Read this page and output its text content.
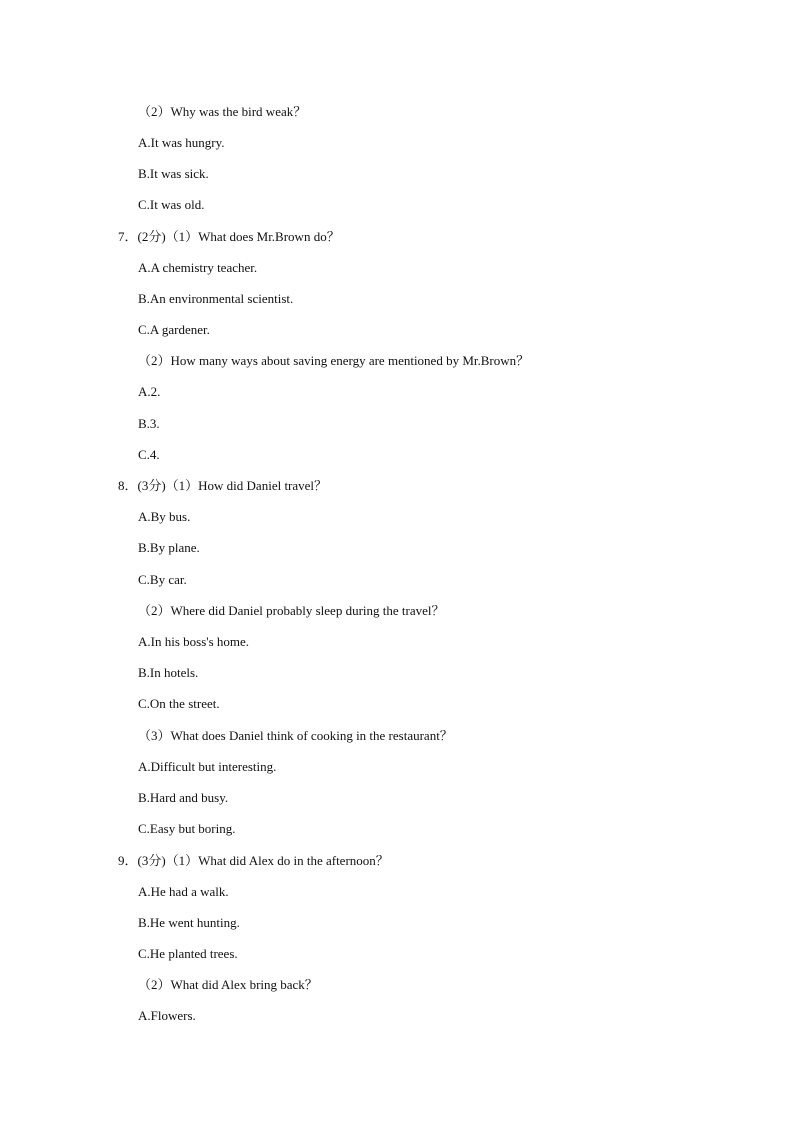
（2）Why was the bird weak？
A.It was hungry.
B.It was sick.
C.It was old.
7．(2分)（1）What does Mr.Brown do？
A.A chemistry teacher.
B.An environmental scientist.
C.A gardener.
（2）How many ways about saving energy are mentioned by Mr.Brown？
A.2.
B.3.
C.4.
8．(3分)（1）How did Daniel travel？
A.By bus.
B.By plane.
C.By car.
（2）Where did Daniel probably sleep during the travel？
A.In his boss's home.
B.In hotels.
C.On the street.
（3）What does Daniel think of cooking in the restaurant？
A.Difficult but interesting.
B.Hard and busy.
C.Easy but boring.
9．(3分)（1）What did Alex do in the afternoon？
A.He had a walk.
B.He went hunting.
C.He planted trees.
（2）What did Alex bring back？
A.Flowers.
